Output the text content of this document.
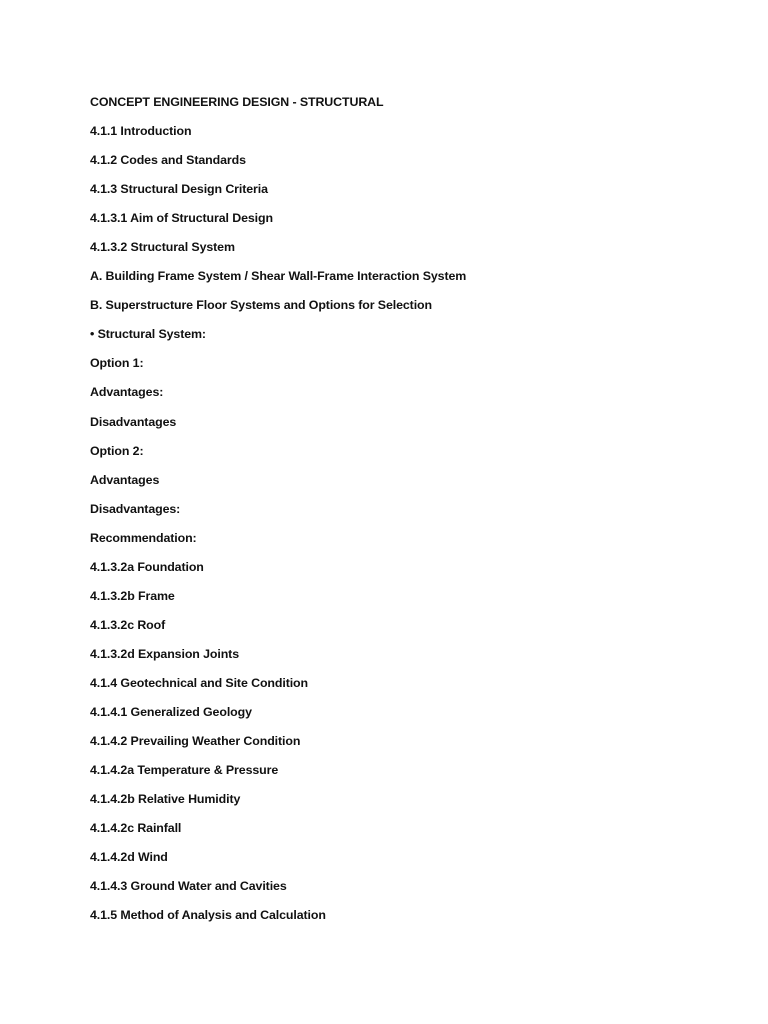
CONCEPT ENGINEERING DESIGN - STRUCTURAL
4.1.1 Introduction
4.1.2 Codes and Standards
4.1.3 Structural Design Criteria
4.1.3.1 Aim of Structural Design
4.1.3.2 Structural System
A. Building Frame System / Shear Wall-Frame Interaction System
B. Superstructure Floor Systems and Options for Selection
• Structural System:
Option 1:
Advantages:
Disadvantages
Option 2:
Advantages
Disadvantages:
Recommendation:
4.1.3.2a Foundation
4.1.3.2b Frame
4.1.3.2c Roof
4.1.3.2d Expansion Joints
4.1.4 Geotechnical and Site Condition
4.1.4.1 Generalized Geology
4.1.4.2 Prevailing Weather Condition
4.1.4.2a Temperature & Pressure
4.1.4.2b Relative Humidity
4.1.4.2c Rainfall
4.1.4.2d Wind
4.1.4.3 Ground Water and Cavities
4.1.5 Method of Analysis and Calculation
